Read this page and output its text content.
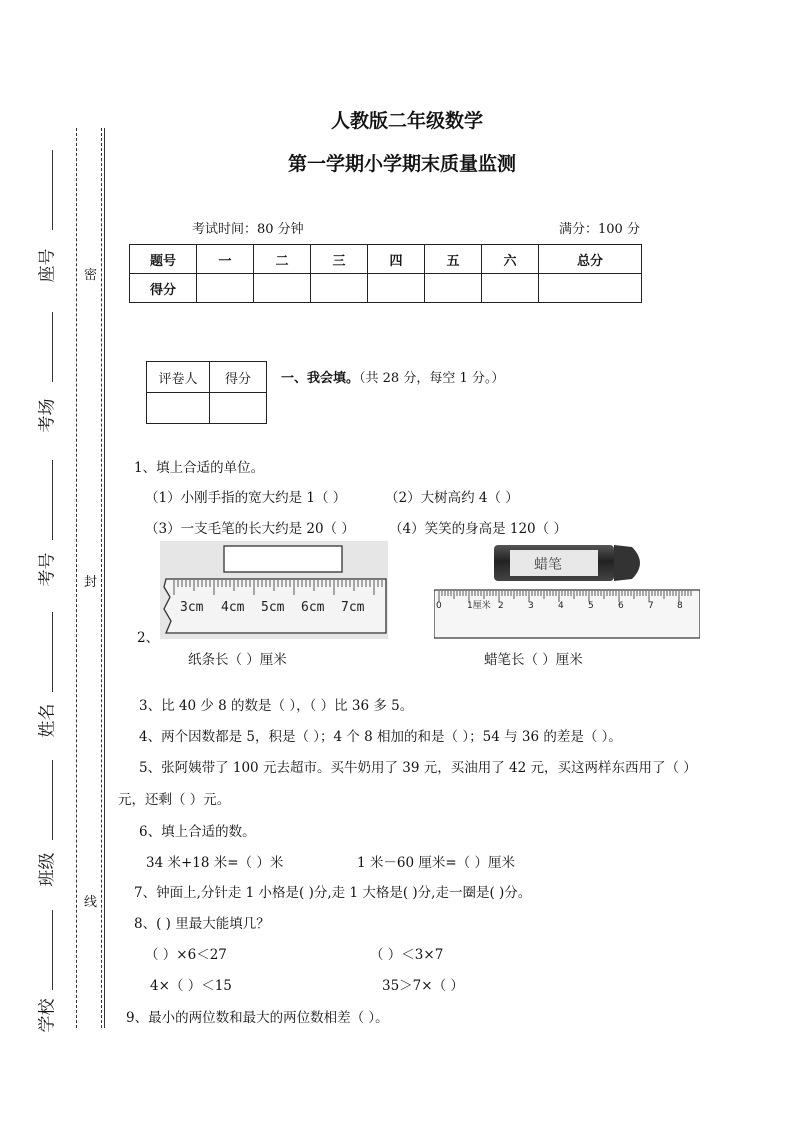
座号
考场
考号
姓名
班级
学校
密
封
线
人教版二年级数学
第一学期小学期末质量监测
考试时间：80 分钟	满分：100 分
题号	一	二	三	四	五	六	总分
得分							
评卷人	得分
	一、我会填。（共 28 分，每空 1 分。）
1、填上合适的单位。
（1）小刚手指的宽大约是 1（ ）	（2）大树高约 4（ ）
（3）一支毛笔的长大约是 20（ ）	（4）笑笑的身高是 120（ ）
3cm 4cm 5cm 6cm 7cm
蜡笔
0	1厘米 2	3	4	5	6	7	8
2、
纸条长（ ）厘米	蜡笔长（ ）厘米
3、比 40 少 8 的数是（ ），（ ）比 36 多 5。
4、两个因数都是 5，积是（ ）；4 个 8 相加的和是（ ）；54 与 36 的差是（ ）。
5、张阿姨带了 100 元去超市。买牛奶用了 39 元，买油用了 42 元，买这两样东西用了（ ）
元，还剩（ ）元。
6、填上合适的数。
34 米+18 米=（ ）米	1 米－60 厘米=（ ）厘米
7、钟面上,分针走 1 小格是( )分,走 1 大格是( )分,走一圈是( )分。
8、( ) 里最大能填几？
（ ）×6＜27	（ ）＜3×7
4×（ ）＜15	35＞7×（ ）
9、最小的两位数和最大的两位数相差（ ）。
